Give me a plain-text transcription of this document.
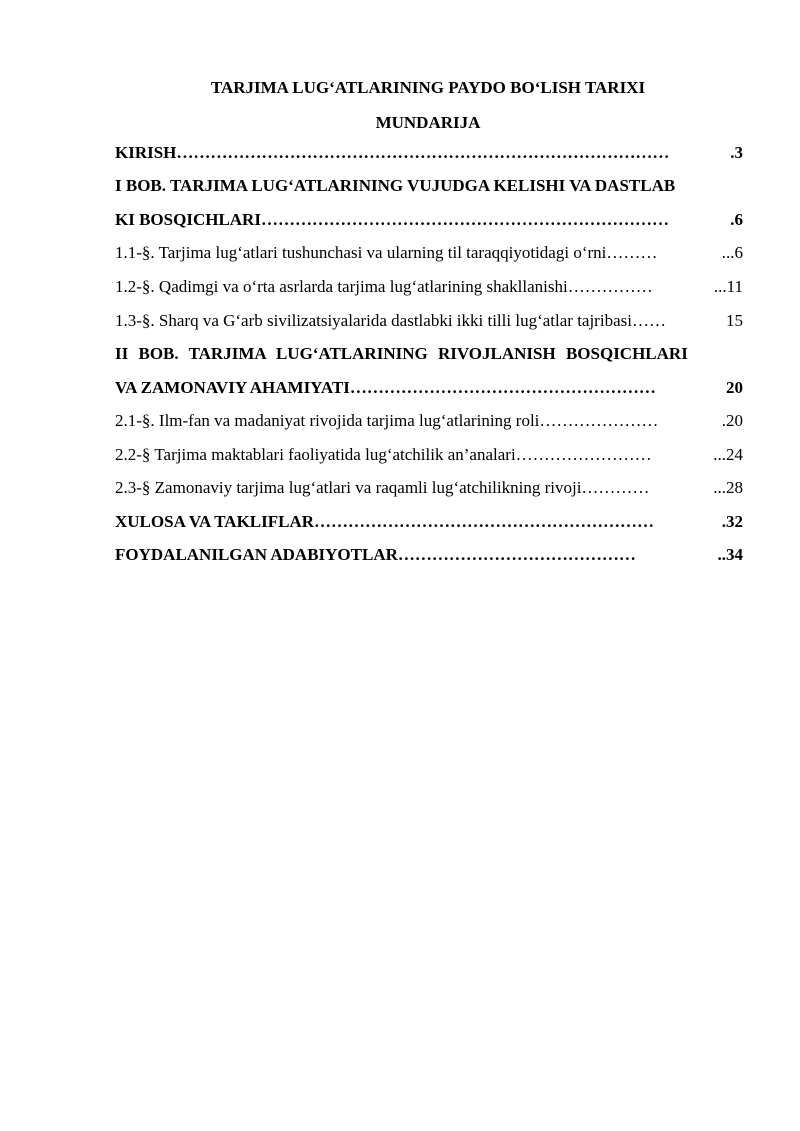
TARJIMA LUG‘ATLARINING PAYDO BO‘LISH TARIXI
MUNDARIJA
KIRISH ……………………………………………………………………………	.3
I BOB. TARJIMA LUG‘ATLARINING VUJUDGA KELISHI VA DASTLAB
KI BOSQICHLARI ………………………………………………………………	.6
1.1-§. Tarjima lug‘atlari tushunchasi va ularning til taraqqiyotidagi o‘rni ………	...6
1.2-§. Qadimgi va o‘rta asrlarda tarjima lug‘atlarining shakllanishi ……………	...11
1.3-§. Sharq va G‘arb sivilizatsiyalarida dastlabki ikki tilli lug‘atlar tajribasi ……	15
II BOB. TARJIMA LUG‘ATLARINING RIVOJLANISH BOSQICHLARI
VA ZAMONAVIY AHAMIYATI ………………………………………………	20
2.1-§. Ilm-fan va madaniyat rivojida tarjima lug‘atlarining roli …………………	.20
2.2-§ Tarjima maktablari faoliyatida lug‘atchilik an’analari ……………………	...24
2.3-§ Zamonaviy tarjima lug‘atlari va raqamli lug‘atchilikning rivoji …………	...28
XULOSA VA TAKLIFLAR ……………………………………………………	.32
FOYDALANILGAN ADABIYOTLAR ……………………………………	..34
